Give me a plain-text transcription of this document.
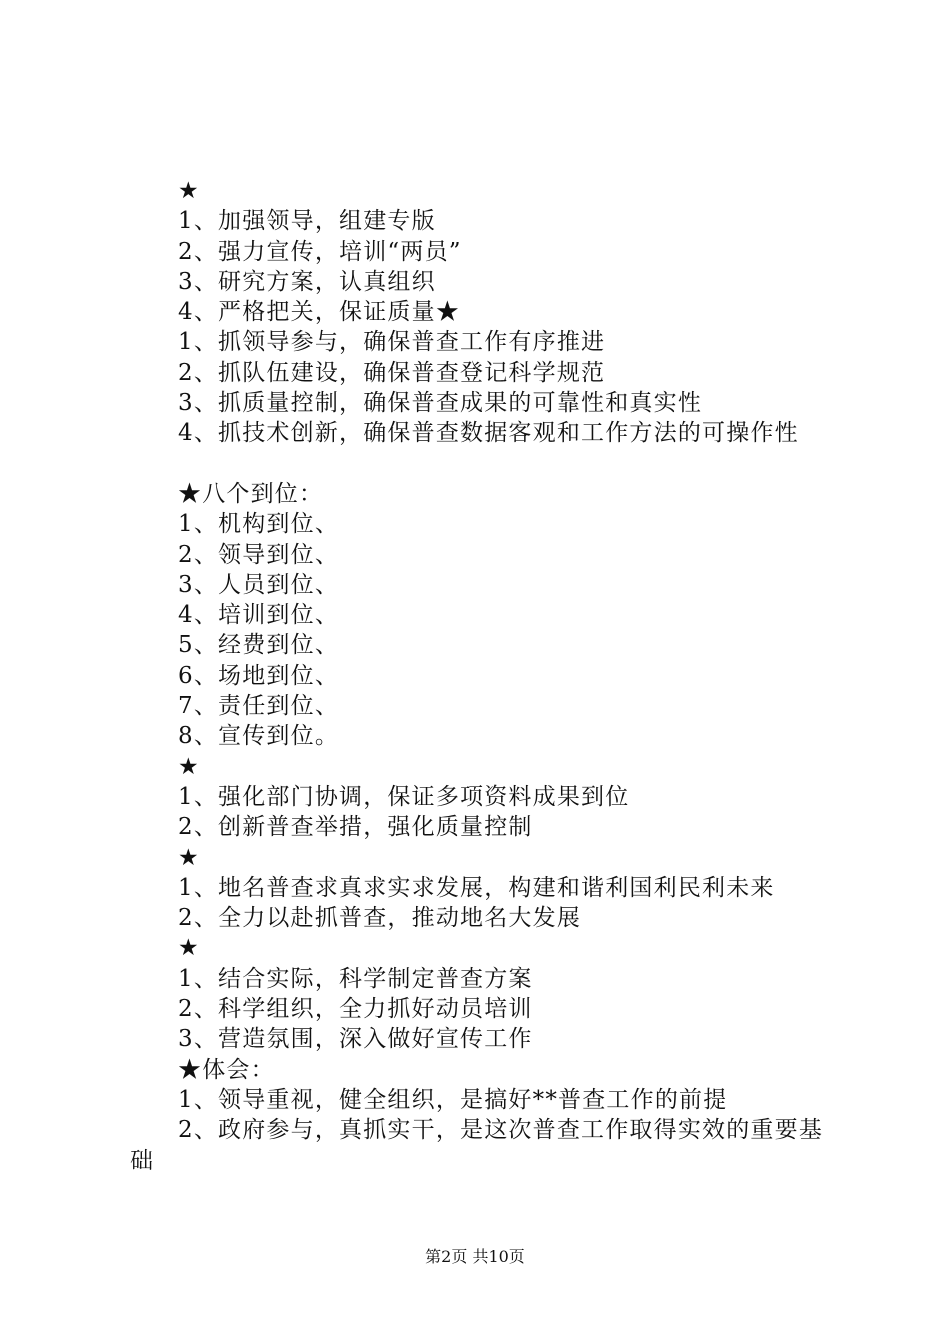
★
1、加强领导，组建专版
2、强力宣传，培训“两员”
3、研究方案，认真组织
4、严格把关，保证质量★
1、抓领导参与，确保普查工作有序推进
2、抓队伍建设，确保普查登记科学规范
3、抓质量控制，确保普查成果的可靠性和真实性
4、抓技术创新，确保普查数据客观和工作方法的可操作性
★八个到位：
1、机构到位、
2、领导到位、
3、人员到位、
4、培训到位、
5、经费到位、
6、场地到位、
7、责任到位、
8、宣传到位。
★
1、强化部门协调，保证多项资料成果到位
2、创新普查举措，强化质量控制
★
1、地名普查求真求实求发展，构建和谐利国利民利未来
2、全力以赴抓普查，推动地名大发展
★
1、结合实际，科学制定普查方案
2、科学组织，全力抓好动员培训
3、营造氛围，深入做好宣传工作
★体会：
1、领导重视，健全组织，是搞好**普查工作的前提
2、政府参与，真抓实干，是这次普查工作取得实效的重要基础
第2页 共10页
